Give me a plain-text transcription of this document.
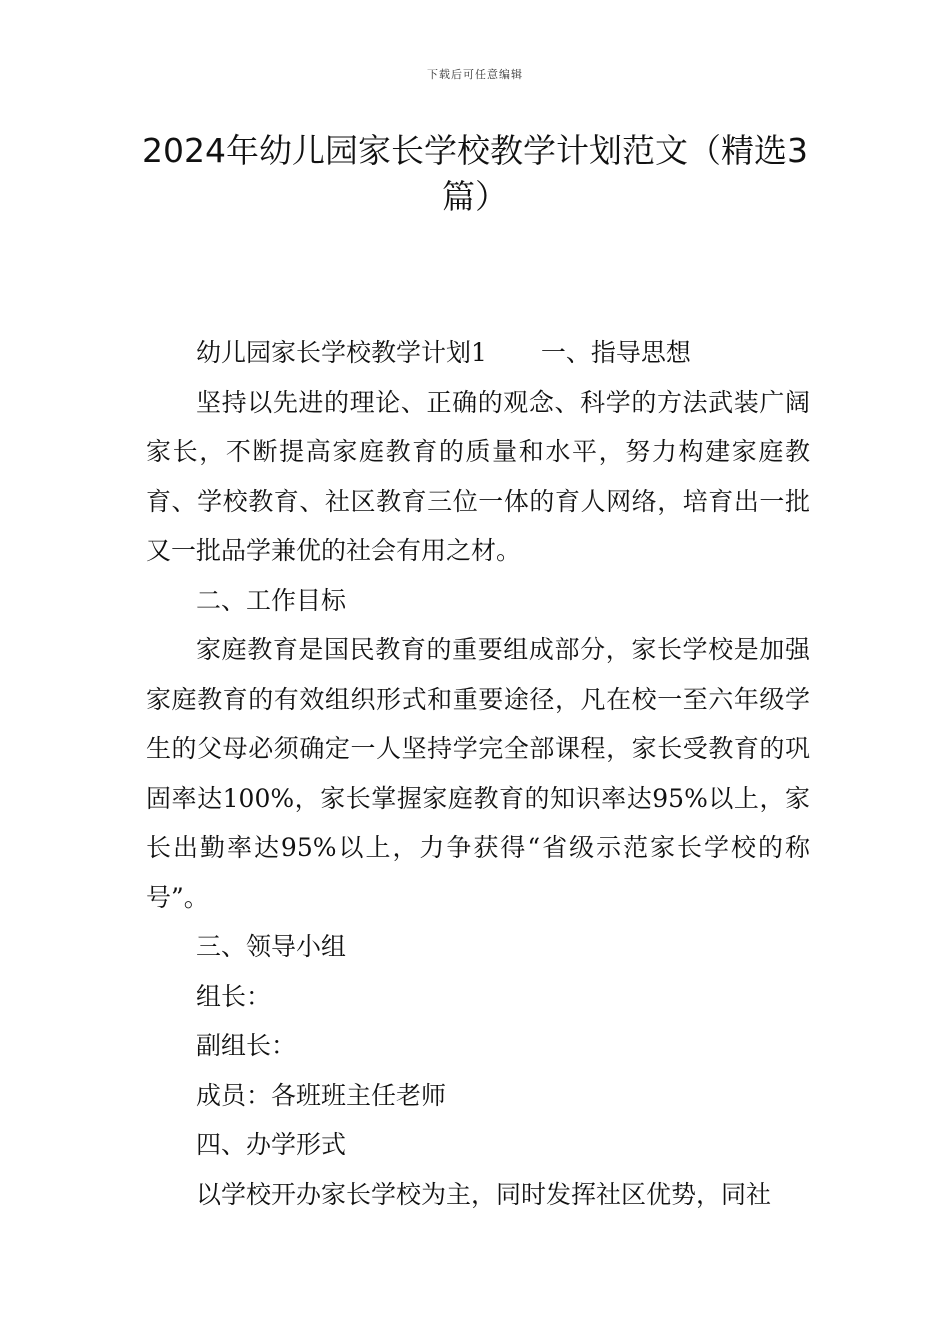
下载后可任意编辑
2024年幼儿园家长学校教学计划范文（精选3篇）

幼儿园家长学校教学计划1 一、指导思想

坚持以先进的理论、正确的观念、科学的方法武装广阔家长，不断提高家庭教育的质量和水平，努力构建家庭教育、学校教育、社区教育三位一体的育人网络，培育出一批又一批品学兼优的社会有用之材。

二、工作目标

家庭教育是国民教育的重要组成部分，家长学校是加强家庭教育的有效组织形式和重要途径，凡在校一至六年级学生的父母必须确定一人坚持学完全部课程，家长受教育的巩固率达100%，家长掌握家庭教育的知识率达95%以上，家长出勤率达95%以上，力争获得“省级示范家长学校的称号”。

三、领导小组

组长：

副组长：

成员：各班班主任老师

四、办学形式

以学校开办家长学校为主，同时发挥社区优势，同社
